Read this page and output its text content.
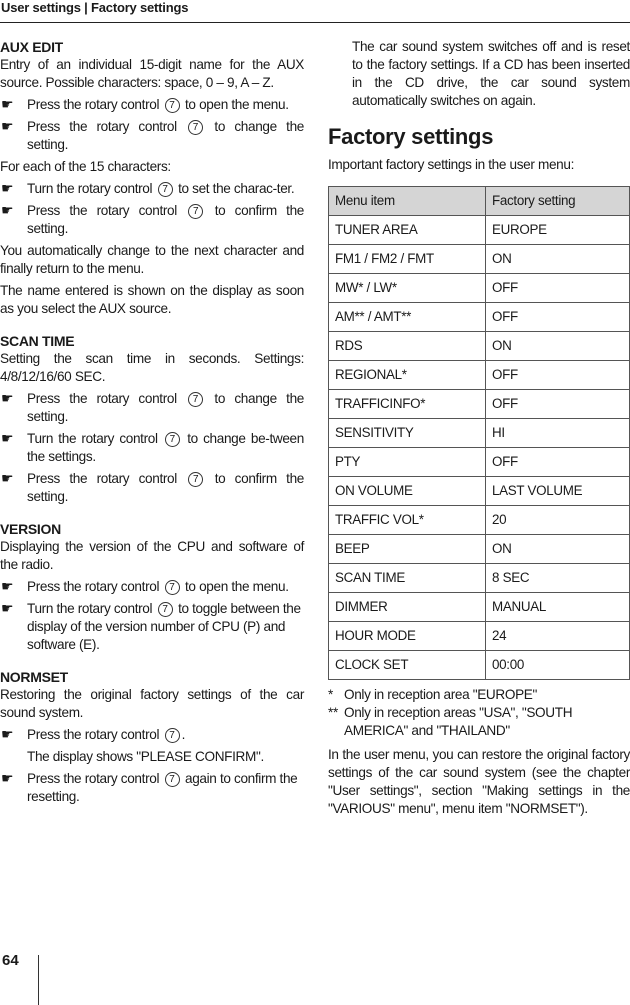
User settings | Factory settings

AUX EDIT

Entry of an individual 15-digit name for the AUX source. Possible characters: space, 0 – 9, A – Z.

☛ Press the rotary control 7 to open the menu.
☛ Press the rotary control 7 to change the setting.

For each of the 15 characters:

☛ Turn the rotary control 7 to set the charac-ter.
☛ Press the rotary control 7 to confirm the setting.

You automatically change to the next character and finally return to the menu.

The name entered is shown on the display as soon as you select the AUX source.

SCAN TIME

Setting the scan time in seconds. Settings: 4/8/12/16/60 SEC.

☛ Press the rotary control 7 to change the setting.
☛ Turn the rotary control 7 to change be-tween the settings.
☛ Press the rotary control 7 to confirm the setting.

VERSION

Displaying the version of the CPU and software of the radio.

☛ Press the rotary control 7 to open the menu.
☛ Turn the rotary control 7 to toggle between the display of the version number of CPU (P) and software (E).

NORMSET

Restoring the original factory settings of the car sound system.

☛ Press the rotary control 7 .
The display shows "PLEASE CONFIRM".
☛ Press the rotary control 7 again to confirm the resetting.

The car sound system switches off and is reset to the factory settings. If a CD has been inserted in the CD drive, the car sound system automatically switches on again.

Factory settings

Important factory settings in the user menu:

Menu item	Factory setting
TUNER AREA	EUROPE
FM1 / FM2 / FMT	ON
MW* / LW*	OFF
AM** / AMT**	OFF
RDS	ON
REGIONAL*	OFF
TRAFFICINFO*	OFF
SENSITIVITY	HI
PTY	OFF
ON VOLUME	LAST VOLUME
TRAFFIC VOL*	20
BEEP	ON
SCAN TIME	8 SEC
DIMMER	MANUAL
HOUR MODE	24
CLOCK SET	00:00
* Only in reception area "EUROPE"
** Only in reception areas "USA", "SOUTH AMERICA" and "THAILAND"

In the user menu, you can restore the original factory settings of the car sound system (see the chapter "User settings", section "Making settings in the "VARIOUS" menu", menu item "NORMSET").

64
